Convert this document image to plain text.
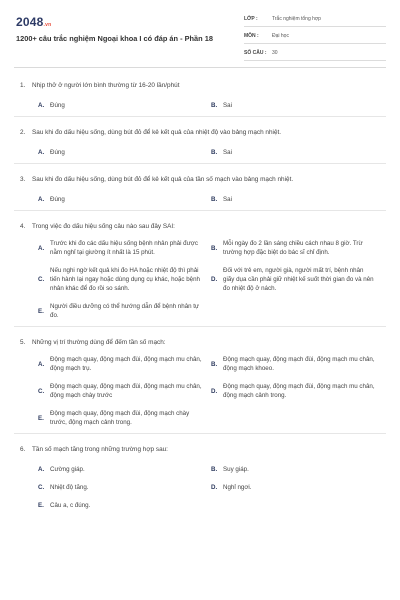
2048.vn
1200+ câu trắc nghiệm Ngoại khoa I có đáp án - Phần 18
LỚP :	Trắc nghiệm tổng hợp
MÔN :	Đại học
SỐ CÂU : 30
1.	Nhịp thở ở người lớn bình thường từ 16-20 lần/phút
A. Đúng	B. Sai
2.	Sau khi đo dấu hiệu sống, dùng bút đỏ để kẻ kết quả của nhiệt độ vào bảng mạch nhiệt.
A. Đúng	B. Sai
3.	Sau khi đo dấu hiệu sống, dùng bút đỏ để kẻ kết quả của tần số mạch vào bảng mạch nhiệt.
A. Đúng	B. Sai
4.	Trong việc đo dấu hiệu sống câu nào sau đây SAI:
A.
Trước khi đo các dấu hiệu sống bệnh nhân phải được nằm nghỉ tại giường ít nhất là 15 phút.
B.
Mỗi ngày đo 2 lần sáng chiều cách nhau 8 giờ. Trừ trường hợp đặc biệt do bác sĩ chỉ định.
C.
Nếu nghi ngờ kết quả khi đo HA hoặc nhiệt độ thì phải tiến hành lại ngay hoặc dùng dụng cụ khác, hoặc bệnh nhân khác để đo rồi so sánh.
D.
Đối với trẻ em, người già, người mất trí, bệnh nhân giãy dụa cần phải giữ nhiệt kế suốt thời gian đo và nên đo nhiệt độ ở nách.
E.
Người điều dưỡng có thể hướng dẫn để bệnh nhân tự đo.
5.	Những vị trí thường dùng để đếm tần số mạch:
A.
Động mạch quay, động mạch đùi, động mạch mu chân, động mạch trụ.
B.
Động mạch quay, động mạch đùi, động mạch mu chân, động mạch khoeo.
C.
Động mạch quay, động mạch đùi, động mạch mu chân, động mạch chày trước
D.
Động mạch quay, động mạch đùi, động mạch mu chân, động mạch cảnh trong.
E.
Động mạch quay, động mạch đùi, động mạch chày trước, động mạch cảnh trong.
6.	Tần số mạch tăng trong những trường hợp sau:
A. Cường giáp.	B. Suy giáp.
C. Nhiệt độ tăng.	D. Nghỉ ngơi.
E. Câu a, c đúng.
